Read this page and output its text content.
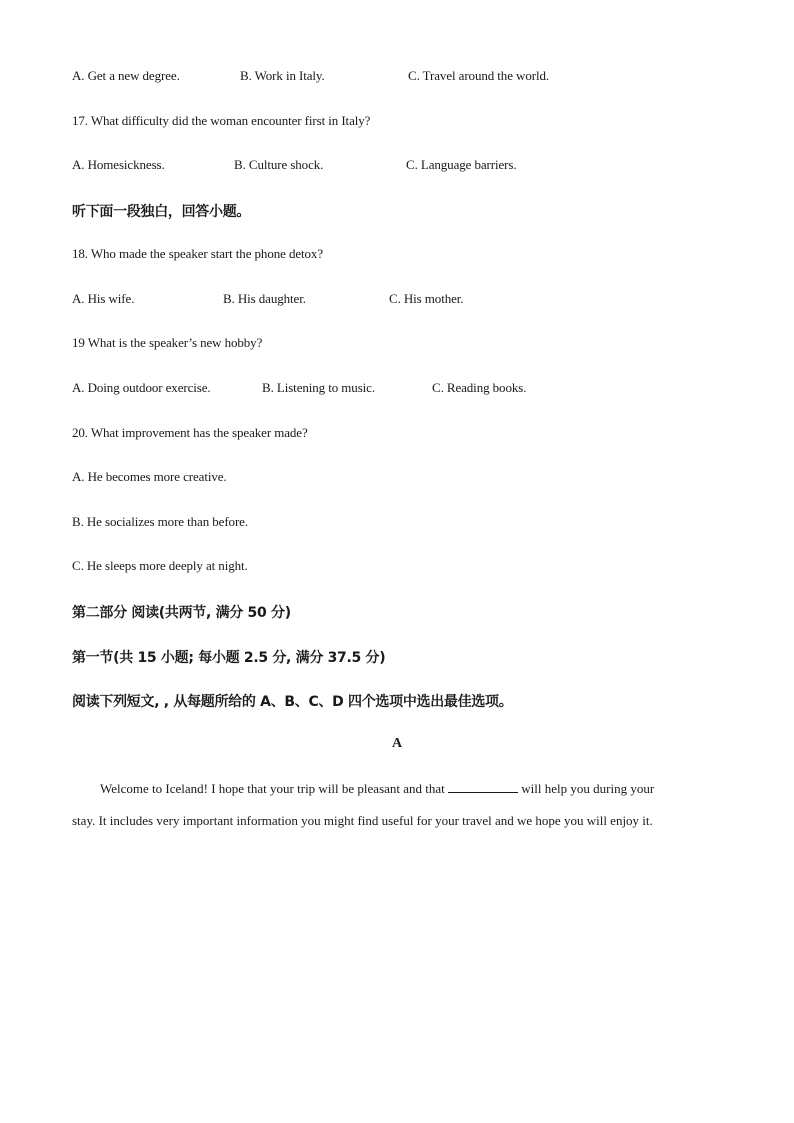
A. Get a new degree.	B. Work in Italy.	C. Travel around the world.
17. What difficulty did the woman encounter first in Italy?
A. Homesickness.	B. Culture shock.	C. Language barriers.
听下面一段独白，回答小题。
18. Who made the speaker start the phone detox?
A. His wife.	B. His daughter.	C. His mother.
19 What is the speaker’s new hobby?
A. Doing outdoor exercise.	B. Listening to music.	C. Reading books.
20. What improvement has the speaker made?
A. He becomes more creative.
B. He socializes more than before.
C. He sleeps more deeply at night.
第二部分 阅读(共两节, 满分 50 分)
第一节(共 15 小题; 每小题 2.5 分, 满分 37.5 分)
阅读下列短文, , 从每题所给的 A、B、C、D 四个选项中选出最佳选项。
A
Welcome to Iceland! I hope that your trip will be pleasant and that	will help you during your
stay. It includes very important information you might find useful for your travel and we hope you will enjoy it.
